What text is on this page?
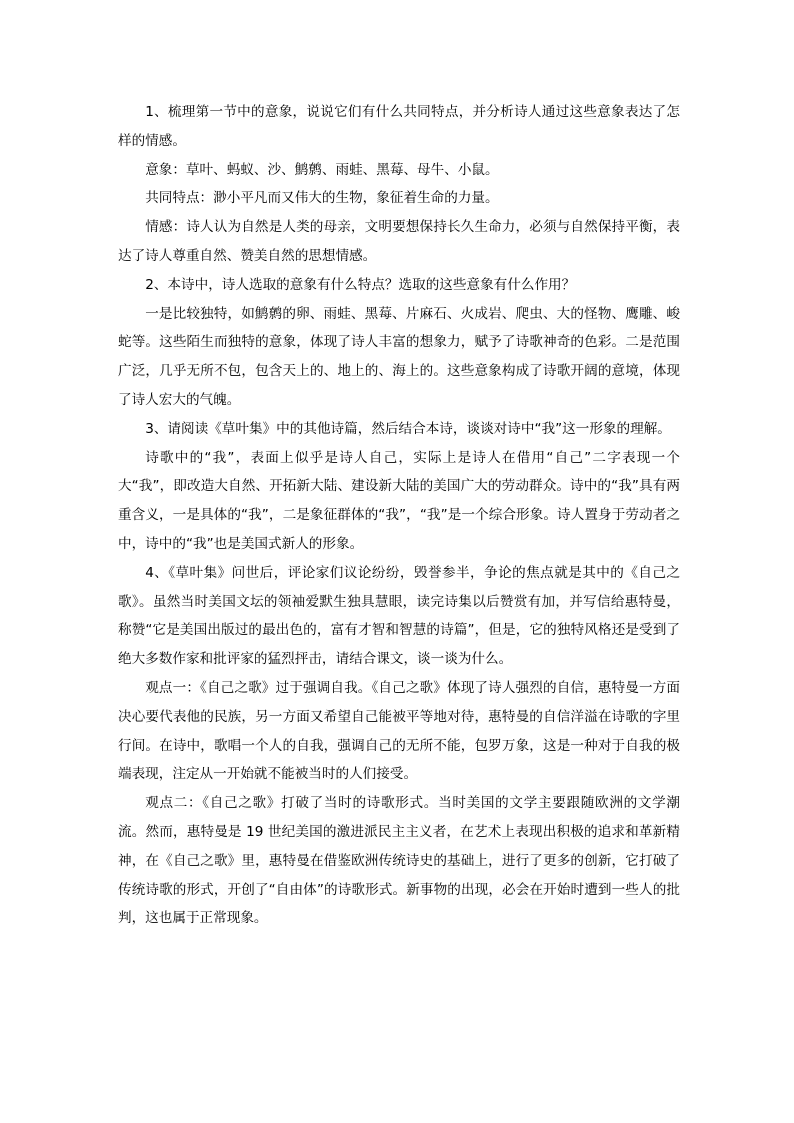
1、梳理第一节中的意象，说说它们有什么共同特点，并分析诗人通过这些意象表达了怎样的情感。

意象：草叶、蚂蚁、沙、鹪鹩、雨蛙、黑莓、母牛、小鼠。

共同特点：渺小平凡而又伟大的生物，象征着生命的力量。

情感：诗人认为自然是人类的母亲，文明要想保持长久生命力，必须与自然保持平衡，表达了诗人尊重自然、赞美自然的思想情感。

2、本诗中，诗人选取的意象有什么特点？选取的这些意象有什么作用？

一是比较独特，如鹪鹩的卵、雨蛙、黑莓、片麻石、火成岩、爬虫、大的怪物、鹰雕、峻蛇等。这些陌生而独特的意象，体现了诗人丰富的想象力，赋予了诗歌神奇的色彩。二是范围广泛，几乎无所不包，包含天上的、地上的、海上的。这些意象构成了诗歌开阔的意境，体现了诗人宏大的气魄。

3、请阅读《草叶集》中的其他诗篇，然后结合本诗，谈谈对诗中“我”这一形象的理解。

诗歌中的“我”，表面上似乎是诗人自己，实际上是诗人在借用“自己”二字表现一个大“我”，即改造大自然、开拓新大陆、建设新大陆的美国广大的劳动群众。诗中的“我”具有两重含义，一是具体的“我”，二是象征群体的“我”，“我”是一个综合形象。诗人置身于劳动者之中，诗中的“我”也是美国式新人的形象。

4、《草叶集》问世后，评论家们议论纷纷，毁誉参半，争论的焦点就是其中的《自己之歌》。虽然当时美国文坛的领袖爱默生独具慧眼，读完诗集以后赞赏有加，并写信给惠特曼，称赞“它是美国出版过的最出色的，富有才智和智慧的诗篇”，但是，它的独特风格还是受到了绝大多数作家和批评家的猛烈抨击，请结合课文，谈一谈为什么。

观点一：《自己之歌》过于强调自我。《自己之歌》体现了诗人强烈的自信，惠特曼一方面决心要代表他的民族，另一方面又希望自己能被平等地对待，惠特曼的自信洋溢在诗歌的字里行间。在诗中，歌唱一个人的自我，强调自己的无所不能，包罗万象，这是一种对于自我的极端表现，注定从一开始就不能被当时的人们接受。

观点二：《自己之歌》打破了当时的诗歌形式。当时美国的文学主要跟随欧洲的文学潮流。然而，惠特曼是 19 世纪美国的激进派民主主义者，在艺术上表现出积极的追求和革新精神，在《自己之歌》里，惠特曼在借鉴欧洲传统诗史的基础上，进行了更多的创新，它打破了传统诗歌的形式，开创了“自由体”的诗歌形式。新事物的出现，必会在开始时遭到一些人的批判，这也属于正常现象。
